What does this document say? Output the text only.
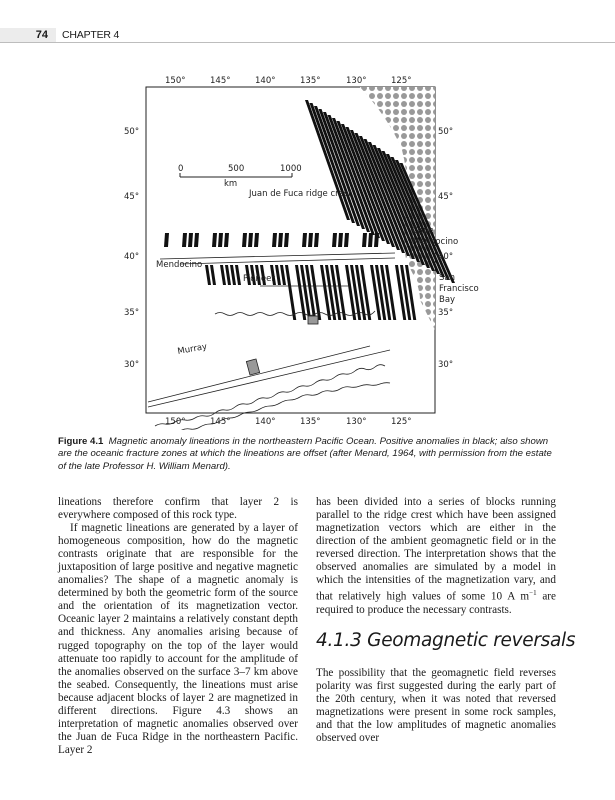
74	CHAPTER 4
0	500	1000
km
150°	145°	140°	135°	130°	125°
150°	145°	140°	135°	130°	125°
50°
45°
40°
35°
30°
50°
45°
40°
35°
30°
Juan de Fuca ridge crest
Cape
Mendocino
Mendocino
Pioneer
Murray
San
Francisco
Bay
Figure 4.1 Magnetic anomaly lineations in the northeastern Pacific Ocean. Positive anomalies in black; also shown are the oceanic fracture zones at which the lineations are offset (after Menard, 1964, with permission from the estate of the late Professor H. William Menard).

lineations therefore confirm that layer 2 is everywhere composed of this rock type.

If magnetic lineations are generated by a layer of homogeneous composition, how do the magnetic contrasts originate that are responsible for the juxtaposition of large positive and negative magnetic anomalies? The shape of a magnetic anomaly is determined by both the geometric form of the source and the orientation of its magnetization vector. Oceanic layer 2 maintains a relatively constant depth and thickness. Any anomalies arising because of rugged topography on the top of the layer would attenuate too rapidly to account for the amplitude of the anomalies observed on the surface 3–7 km above the seabed. Consequently, the lineations must arise because adjacent blocks of layer 2 are magnetized in different directions. Figure 4.3 shows an interpretation of magnetic anomalies observed over the Juan de Fuca Ridge in the northeastern Pacific. Layer 2

has been divided into a series of blocks running parallel to the ridge crest which have been assigned magnetization vectors which are either in the direction of the ambient geomagnetic field or in the reversed direction. The interpretation shows that the observed anomalies are simulated by a model in which the intensities of the magnetization vary, and that relatively high values of some 10 A $m^{-1}$ are required to produce the necessary contrasts.

4.1.3 Geomagnetic reversals

The possibility that the geomagnetic field reverses polarity was first suggested during the early part of the 20th century, when it was noted that reversed magnetizations were present in some rock samples, and that the low amplitudes of magnetic anomalies observed over
